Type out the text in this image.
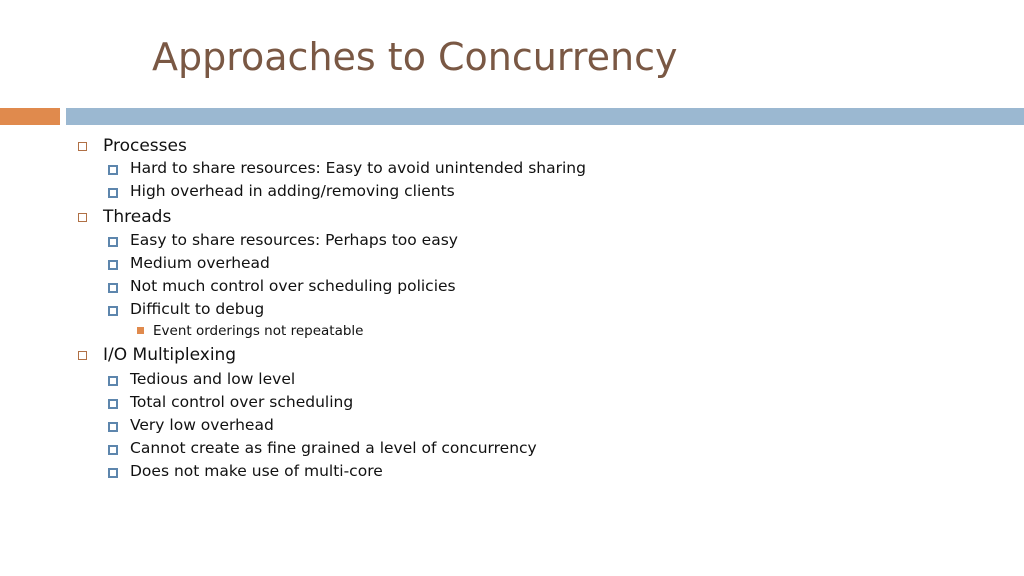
Approaches to Concurrency
Processes
Hard to share resources: Easy to avoid unintended sharing
High overhead in adding/removing clients
Threads
Easy to share resources: Perhaps too easy
Medium overhead
Not much control over scheduling policies
Difficult to debug
Event orderings not repeatable
I/O Multiplexing
Tedious and low level
Total control over scheduling
Very low overhead
Cannot create as fine grained a level of concurrency
Does not make use of multi-core
